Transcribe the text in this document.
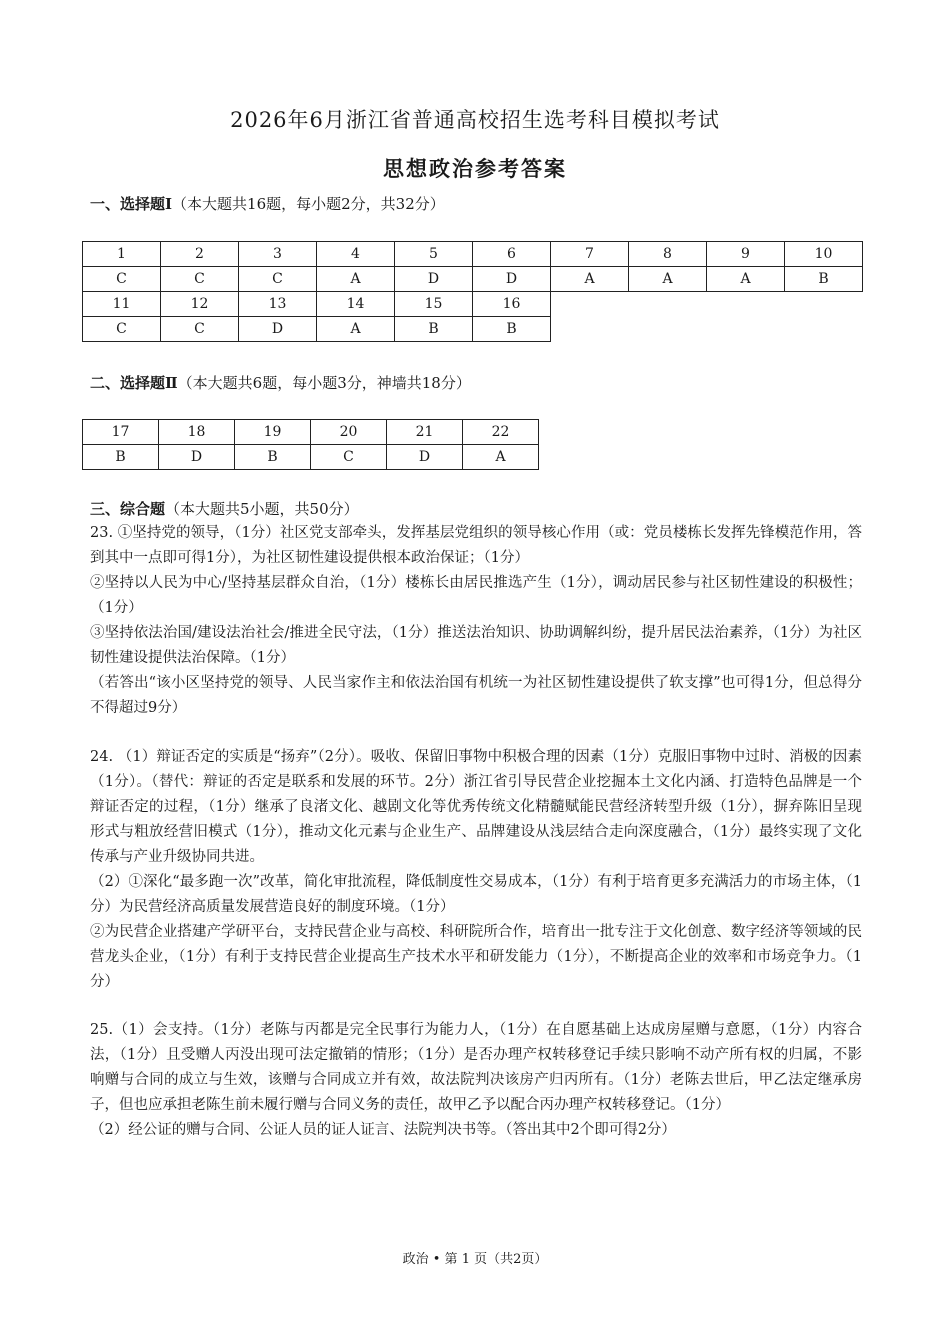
2026年6月浙江省普通高校招生选考科目模拟考试
思想政治参考答案
一、选择题Ⅰ（本大题共16题，每小题2分，共32分）
1	2	3	4	5	6	7	8	9	10
C	C	C	A	D	D	A	A	A	B
11	12	13	14	15	16				
C	C	D	A	B	B				
二、选择题Ⅱ（本大题共6题，每小题3分，神墙共18分）
17	18	19	20	21	22
B	D	B	C	D	A
三、综合题（本大题共5小题，共50分）

23. ①坚持党的领导，（1分）社区党支部牵头，发挥基层党组织的领导核心作用（或：党员楼栋长发挥先锋模范作用，答到其中一点即可得1分），为社区韧性建设提供根本政治保证；（1分）

②坚持以人民为中心/坚持基层群众自治，（1分）楼栋长由居民推选产生（1分），调动居民参与社区韧性建设的积极性；（1分）

③坚持依法治国/建设法治社会/推进全民守法，（1分）推送法治知识、协助调解纠纷，提升居民法治素养，（1分）为社区韧性建设提供法治保障。（1分）

（若答出“该小区坚持党的领导、人民当家作主和依法治国有机统一为社区韧性建设提供了软支撑”也可得1分，但总得分不得超过9分）

24. （1）辩证否定的实质是“扬弃”（2分）。吸收、保留旧事物中积极合理的因素（1分）克服旧事物中过时、消极的因素（1分）。（替代：辩证的否定是联系和发展的环节。2分）浙江省引导民营企业挖掘本土文化内涵、打造特色品牌是一个辩证否定的过程，（1分）继承了良渚文化、越剧文化等优秀传统文化精髓赋能民营经济转型升级（1分），摒弃陈旧呈现形式与粗放经营旧模式（1分），推动文化元素与企业生产、品牌建设从浅层结合走向深度融合，（1分）最终实现了文化传承与产业升级协同共进。

（2）①深化“最多跑一次”改革，简化审批流程，降低制度性交易成本，（1分）有利于培育更多充满活力的市场主体，（1分）为民营经济高质量发展营造良好的制度环境。（1分）

②为民营企业搭建产学研平台，支持民营企业与高校、科研院所合作，培育出一批专注于文化创意、数字经济等领域的民营龙头企业，（1分）有利于支持民营企业提高生产技术水平和研发能力（1分），不断提高企业的效率和市场竞争力。（1分）

25.（1）会支持。（1分）老陈与丙都是完全民事行为能力人，（1分）在自愿基础上达成房屋赠与意愿，（1分）内容合法，（1分）且受赠人丙没出现可法定撤销的情形；（1分）是否办理产权转移登记手续只影响不动产所有权的归属，不影响赠与合同的成立与生效，该赠与合同成立并有效，故法院判决该房产归丙所有。（1分）老陈去世后，甲乙法定继承房子，但也应承担老陈生前未履行赠与合同义务的责任，故甲乙予以配合丙办理产权转移登记。（1分）

（2）经公证的赠与合同、公证人员的证人证言、法院判决书等。（答出其中2个即可得2分）

政治 • 第 1 页（共2页）
